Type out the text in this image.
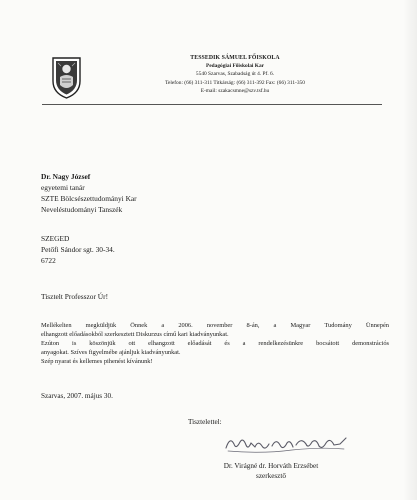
TESSEDIK SÁMUEL FŐISKOLA
Pedagógiai Főiskolai Kar
5540 Szarvas, Szabadság út 4. Pf. 6.
Telefon: (66) 311-311 Titkárság: (66) 311-392 Fax: (66) 311-350
E-mail: szakacsmne@szv.tsf.hu
Dr. Nagy József
egyetemi tanár
SZTE Bölcsészettudományi Kar
Neveléstudományi Tanszék
SZEGED
Petőfi Sándor sgt. 30-34.
6722
Tisztelt Professzor Úr!
Mellékelten megküldjük Önnek a 2006. november 8-án, a Magyar Tudomány Ünnepén
elhangzott előadásokból szerkesztett Diskurzus című kari kiadványunkat.
Ezúton is köszönjük ott elhangzott előadását és a rendelkezésünkre bocsátott demonstrációs
anyagokat. Szíves figyelmébe ajánljuk kiadványunkat.
Szép nyarat és kellemes pihenést kívánunk!
Szarvas, 2007. május 30.
Tisztelettel:
Dr. Virágné dr. Horváth Erzsébet
szerkesztő
